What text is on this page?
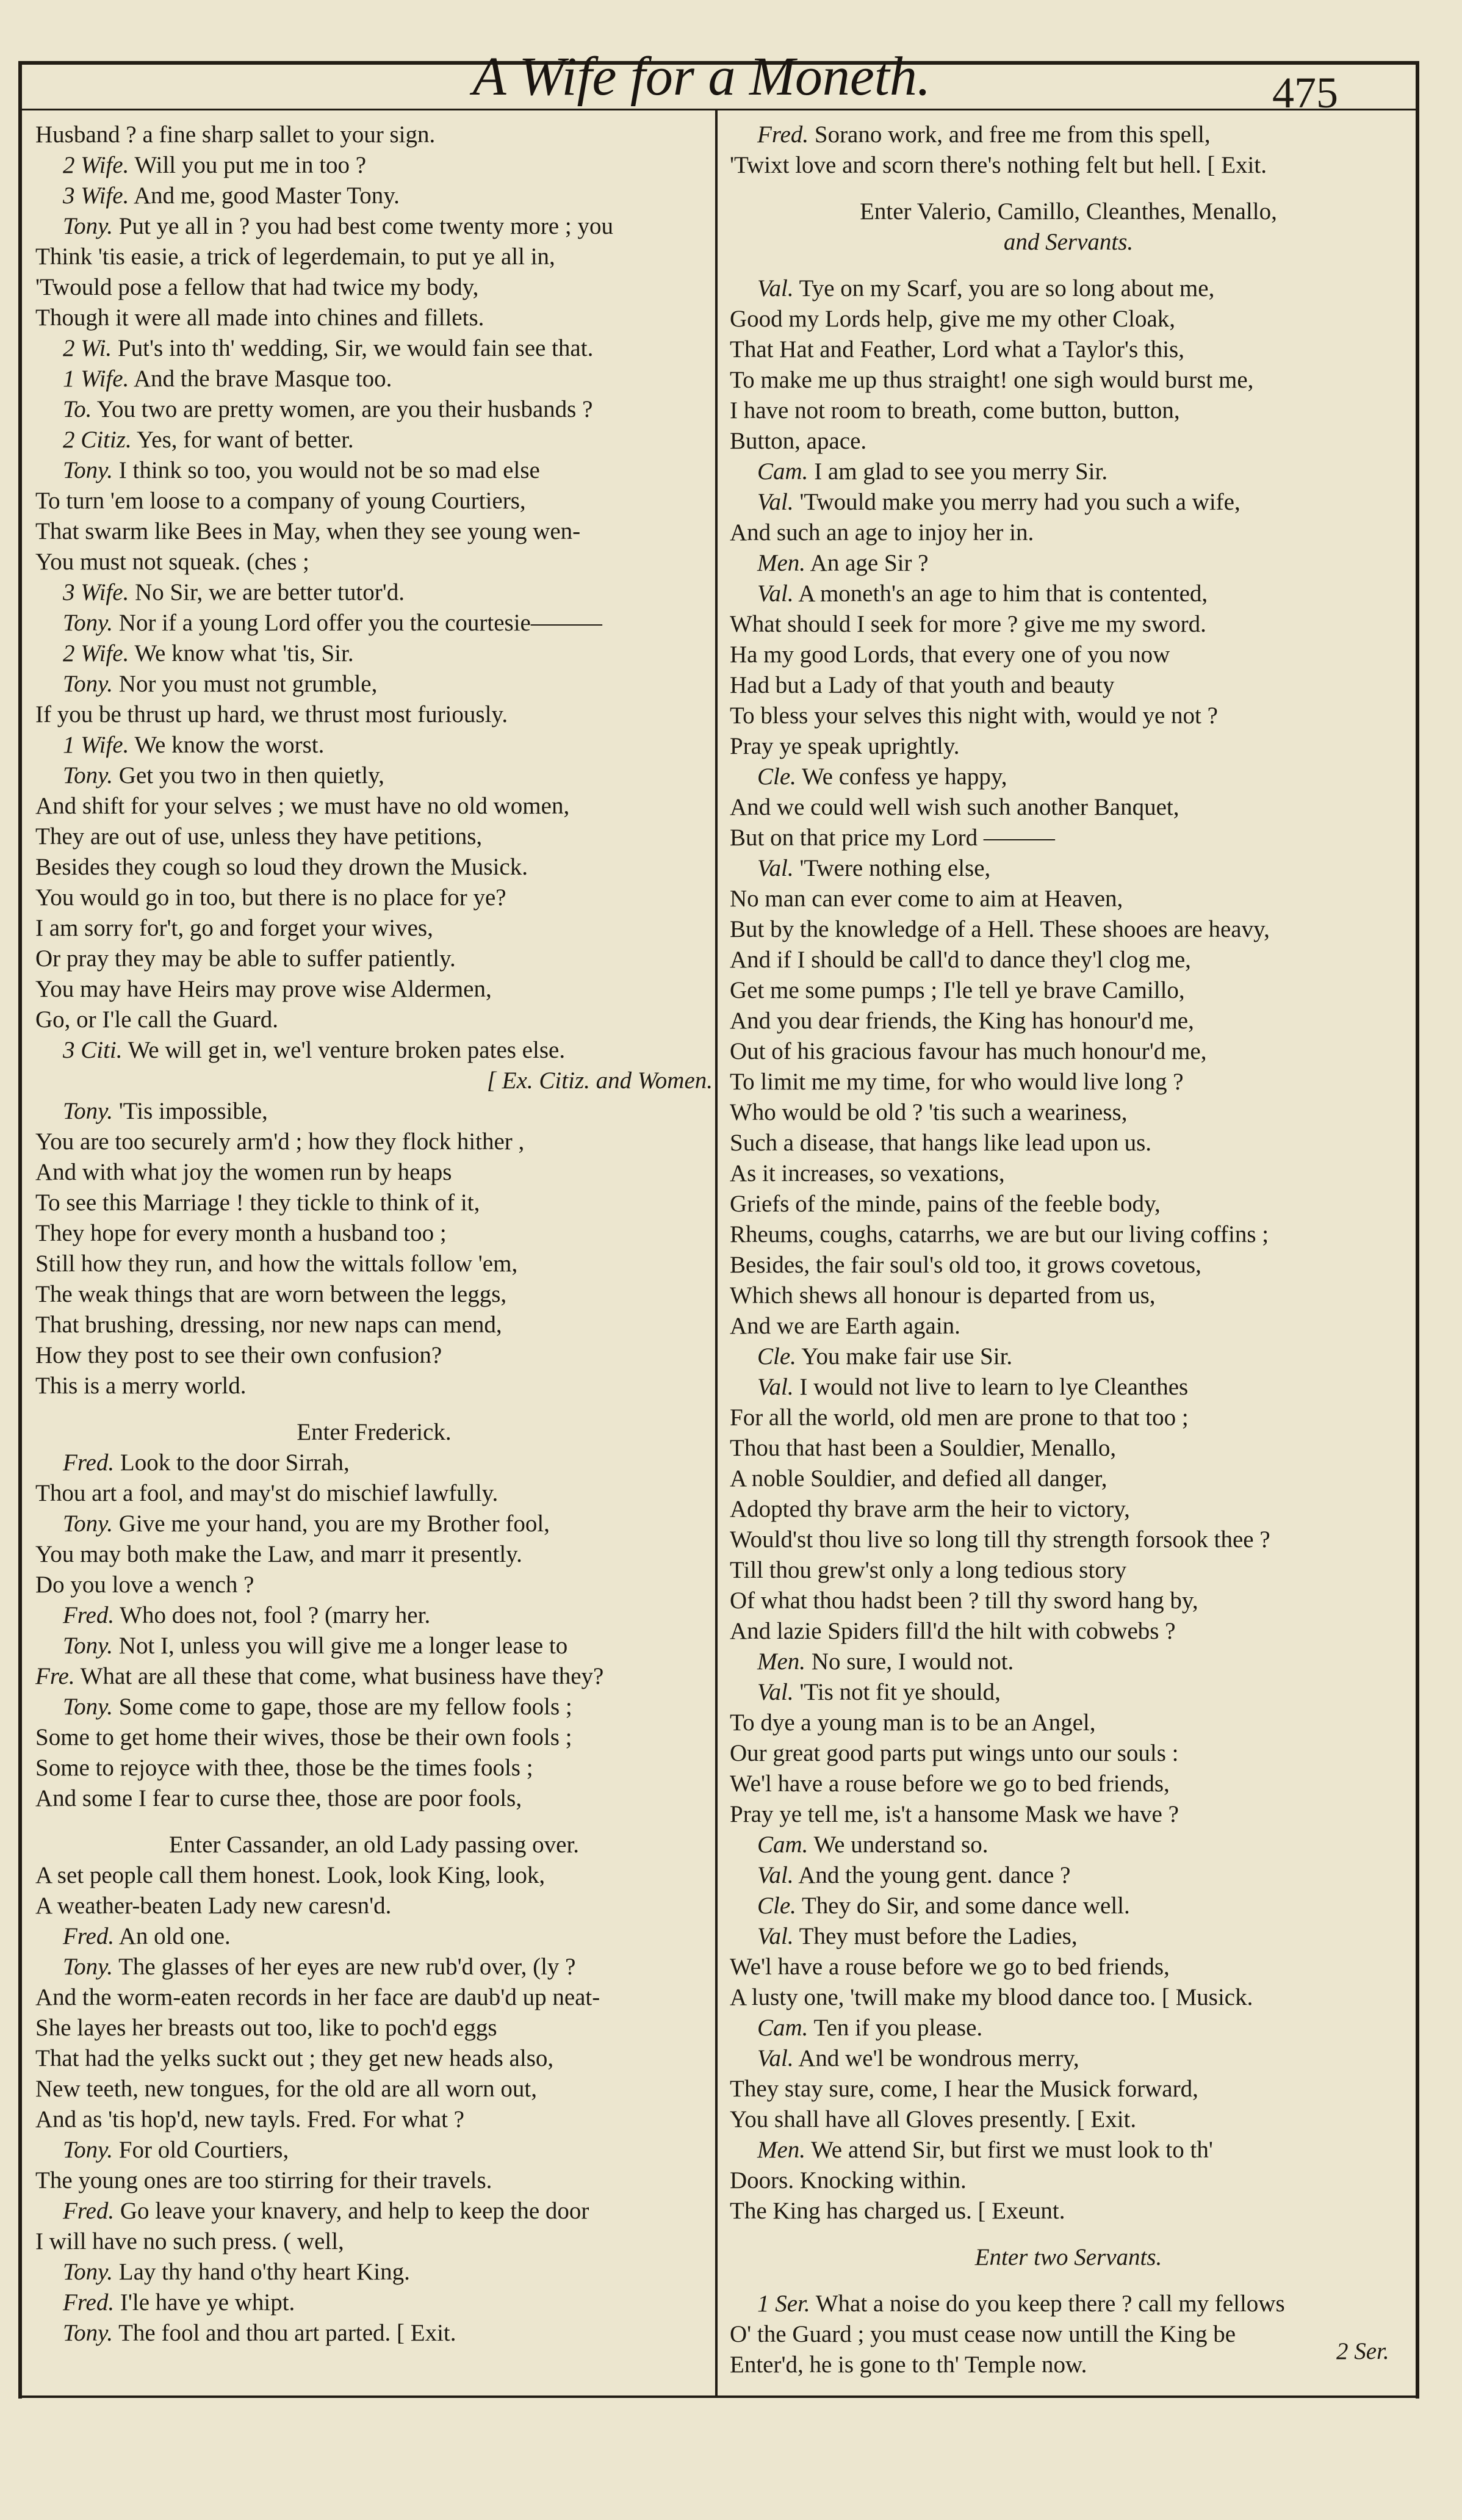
A Wife for a Moneth.	475
Husband ? a fine sharp sallet to your sign.
2 Wife. Will you put me in too ?
3 Wife. And me, good Master Tony.
Tony. Put ye all in ? you had best come twenty more ; you
Think 'tis easie, a trick of legerdemain, to put ye all in,
'Twould pose a fellow that had twice my body,
Though it were all made into chines and fillets.
2 Wi. Put's into th' wedding, Sir, we would fain see that.
1 Wife. And the brave Masque too.
To. You two are pretty women, are you their husbands ?
2 Citiz. Yes, for want of better.
Tony. I think so too, you would not be so mad else
To turn 'em loose to a company of young Courtiers,
That swarm like Bees in May, when they see young wen-
You must not squeak. (ches ;
3 Wife. No Sir, we are better tutor'd.
Tony. Nor if a young Lord offer you the courtesie———
2 Wife. We know what 'tis, Sir.
Tony. Nor you must not grumble,
If you be thrust up hard, we thrust most furiously.
1 Wife. We know the worst.
Tony. Get you two in then quietly,
And shift for your selves ; we must have no old women,
They are out of use, unless they have petitions,
Besides they cough so loud they drown the Musick.
You would go in too, but there is no place for ye?
I am sorry for't, go and forget your wives,
Or pray they may be able to suffer patiently.
You may have Heirs may prove wise Aldermen,
Go, or I'le call the Guard.
3 Citi. We will get in, we'l venture broken pates else.
[ Ex. Citiz. and Women.
Tony. 'Tis impossible,
You are too securely arm'd ; how they flock hither ,
And with what joy the women run by heaps
To see this Marriage ! they tickle to think of it,
They hope for every month a husband too ;
Still how they run, and how the wittals follow 'em,
The weak things that are worn between the leggs,
That brushing, dressing, nor new naps can mend,
How they post to see their own confusion?
This is a merry world.
Enter Frederick.
Fred. Look to the door Sirrah,
Thou art a fool, and may'st do mischief lawfully.
Tony. Give me your hand, you are my Brother fool,
You may both make the Law, and marr it presently.
Do you love a wench ?
Fred. Who does not, fool ? (marry her.
Tony. Not I, unless you will give me a longer lease to
Fre. What are all these that come, what business have they?
Tony. Some come to gape, those are my fellow fools ;
Some to get home their wives, those be their own fools ;
Some to rejoyce with thee, those be the times fools ;
And some I fear to curse thee, those are poor fools,
Enter Cassander, an old Lady passing over.
A set people call them honest. Look, look King, look,
A weather-beaten Lady new caresn'd.
Fred. An old one.
Tony. The glasses of her eyes are new rub'd over, (ly ?
And the worm-eaten records in her face are daub'd up neat-
She layes her breasts out too, like to poch'd eggs
That had the yelks suckt out ; they get new heads also,
New teeth, new tongues, for the old are all worn out,
And as 'tis hop'd, new tayls. Fred. For what ?
Tony. For old Courtiers,
The young ones are too stirring for their travels.
Fred. Go leave your knavery, and help to keep the door
I will have no such press. ( well,
Tony. Lay thy hand o'thy heart King.
Fred. I'le have ye whipt.
Tony. The fool and thou art parted. [ Exit.
Fred. Sorano work, and free me from this spell,
'Twixt love and scorn there's nothing felt but hell. [ Exit.
Enter Valerio, Camillo, Cleanthes, Menallo,
and Servants.
Val. Tye on my Scarf, you are so long about me,
Good my Lords help, give me my other Cloak,
That Hat and Feather, Lord what a Taylor's this,
To make me up thus straight! one sigh would burst me,
I have not room to breath, come button, button,
Button, apace.
Cam. I am glad to see you merry Sir.
Val. 'Twould make you merry had you such a wife,
And such an age to injoy her in.
Men. An age Sir ?
Val. A moneth's an age to him that is contented,
What should I seek for more ? give me my sword.
Ha my good Lords, that every one of you now
Had but a Lady of that youth and beauty
To bless your selves this night with, would ye not ?
Pray ye speak uprightly.
Cle. We confess ye happy,
And we could well wish such another Banquet,
But on that price my Lord ———
Val. 'Twere nothing else,
No man can ever come to aim at Heaven,
But by the knowledge of a Hell. These shooes are heavy,
And if I should be call'd to dance they'l clog me,
Get me some pumps ; I'le tell ye brave Camillo,
And you dear friends, the King has honour'd me,
Out of his gracious favour has much honour'd me,
To limit me my time, for who would live long ?
Who would be old ? 'tis such a weariness,
Such a disease, that hangs like lead upon us.
As it increases, so vexations,
Griefs of the minde, pains of the feeble body,
Rheums, coughs, catarrhs, we are but our living coffins ;
Besides, the fair soul's old too, it grows covetous,
Which shews all honour is departed from us,
And we are Earth again.
Cle. You make fair use Sir.
Val. I would not live to learn to lye Cleanthes
For all the world, old men are prone to that too ;
Thou that hast been a Souldier, Menallo,
A noble Souldier, and defied all danger,
Adopted thy brave arm the heir to victory,
Would'st thou live so long till thy strength forsook thee ?
Till thou grew'st only a long tedious story
Of what thou hadst been ? till thy sword hang by,
And lazie Spiders fill'd the hilt with cobwebs ?
Men. No sure, I would not.
Val. 'Tis not fit ye should,
To dye a young man is to be an Angel,
Our great good parts put wings unto our souls :
We'l have a rouse before we go to bed friends,
Pray ye tell me, is't a hansome Mask we have ?
Cam. We understand so.
Val. And the young gent. dance ?
Cle. They do Sir, and some dance well.
Val. They must before the Ladies,
We'l have a rouse before we go to bed friends,
A lusty one, 'twill make my blood dance too. [ Musick.
Cam. Ten if you please.
Val. And we'l be wondrous merry,
They stay sure, come, I hear the Musick forward,
You shall have all Gloves presently. [ Exit.
Men. We attend Sir, but first we must look to th'
Doors. Knocking within.
The King has charged us. [ Exeunt.
Enter two Servants.
1 Ser. What a noise do you keep there ? call my fellows
O' the Guard ; you must cease now untill the King be
Enter'd, he is gone to th' Temple now.
2 Ser.
